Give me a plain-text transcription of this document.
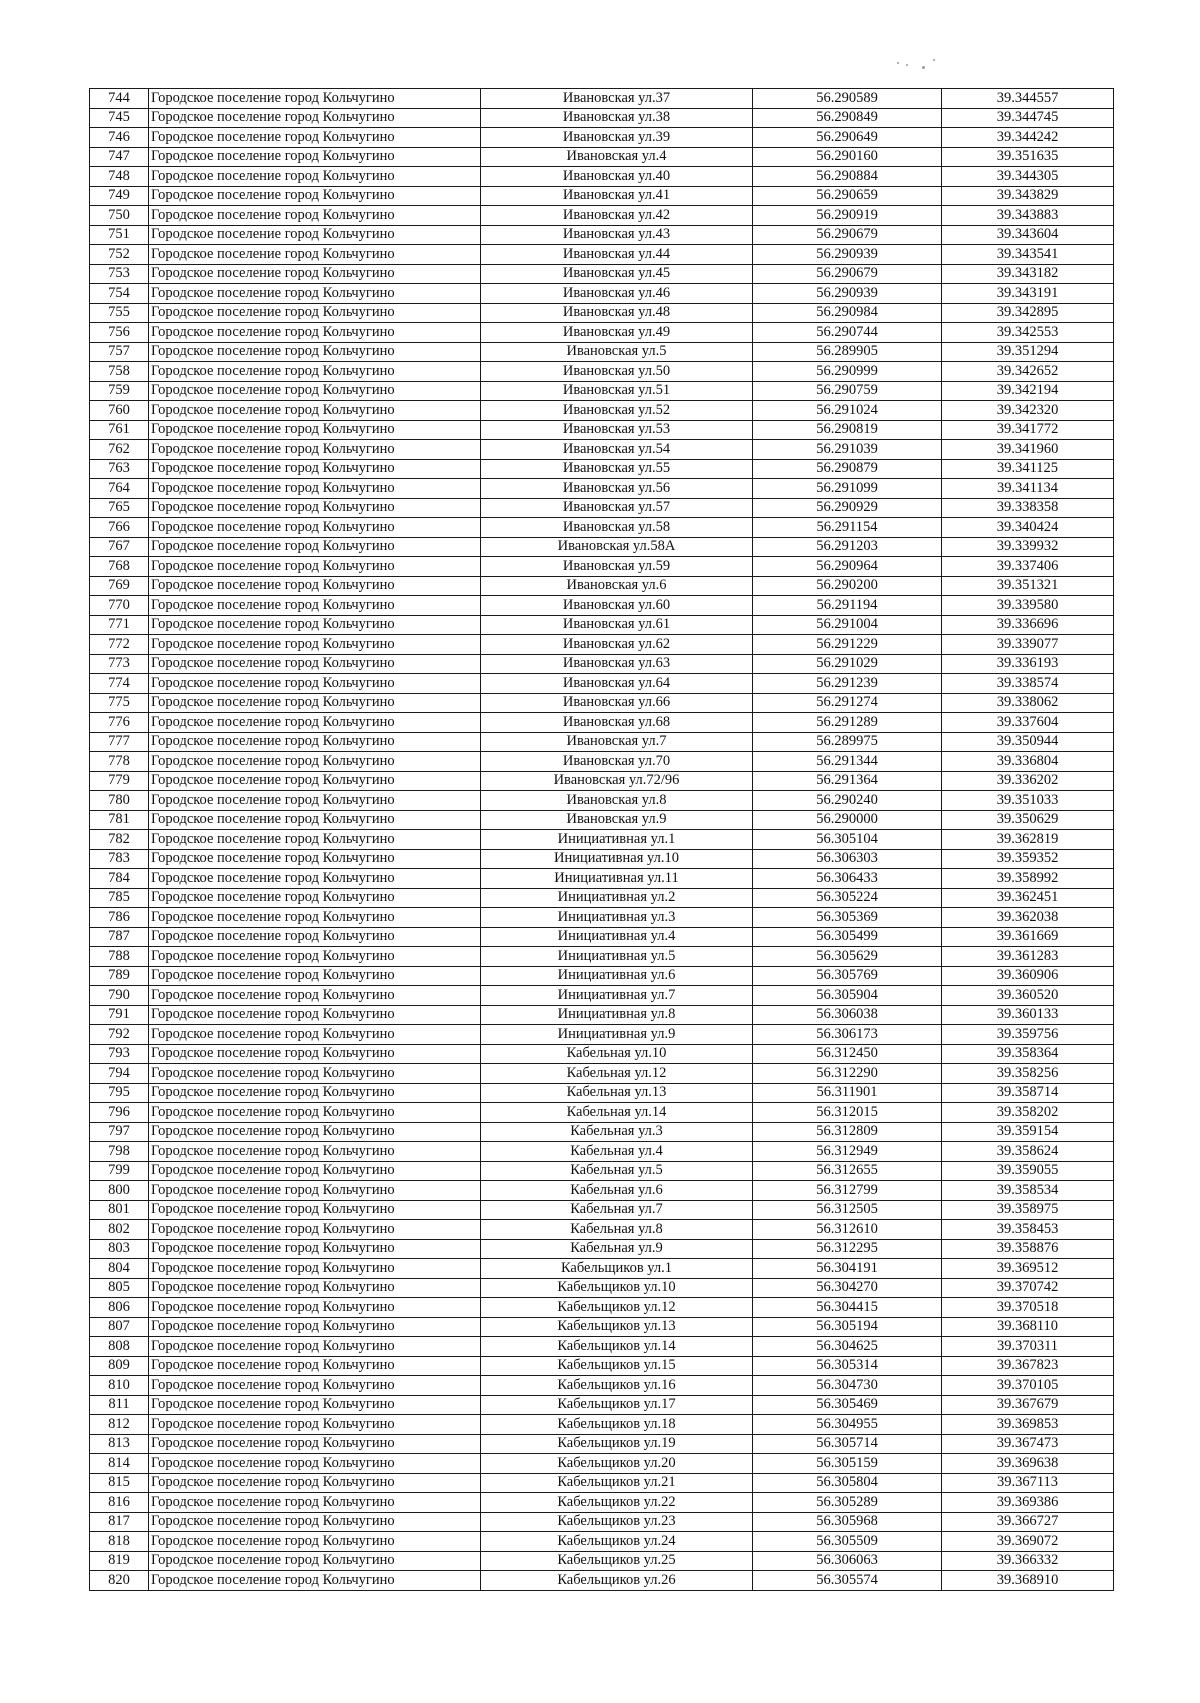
744	Городское поселение город Кольчугино	Ивановская ул.37	56.290589	39.344557
745	Городское поселение город Кольчугино	Ивановская ул.38	56.290849	39.344745
746	Городское поселение город Кольчугино	Ивановская ул.39	56.290649	39.344242
747	Городское поселение город Кольчугино	Ивановская ул.4	56.290160	39.351635
748	Городское поселение город Кольчугино	Ивановская ул.40	56.290884	39.344305
749	Городское поселение город Кольчугино	Ивановская ул.41	56.290659	39.343829
750	Городское поселение город Кольчугино	Ивановская ул.42	56.290919	39.343883
751	Городское поселение город Кольчугино	Ивановская ул.43	56.290679	39.343604
752	Городское поселение город Кольчугино	Ивановская ул.44	56.290939	39.343541
753	Городское поселение город Кольчугино	Ивановская ул.45	56.290679	39.343182
754	Городское поселение город Кольчугино	Ивановская ул.46	56.290939	39.343191
755	Городское поселение город Кольчугино	Ивановская ул.48	56.290984	39.342895
756	Городское поселение город Кольчугино	Ивановская ул.49	56.290744	39.342553
757	Городское поселение город Кольчугино	Ивановская ул.5	56.289905	39.351294
758	Городское поселение город Кольчугино	Ивановская ул.50	56.290999	39.342652
759	Городское поселение город Кольчугино	Ивановская ул.51	56.290759	39.342194
760	Городское поселение город Кольчугино	Ивановская ул.52	56.291024	39.342320
761	Городское поселение город Кольчугино	Ивановская ул.53	56.290819	39.341772
762	Городское поселение город Кольчугино	Ивановская ул.54	56.291039	39.341960
763	Городское поселение город Кольчугино	Ивановская ул.55	56.290879	39.341125
764	Городское поселение город Кольчугино	Ивановская ул.56	56.291099	39.341134
765	Городское поселение город Кольчугино	Ивановская ул.57	56.290929	39.338358
766	Городское поселение город Кольчугино	Ивановская ул.58	56.291154	39.340424
767	Городское поселение город Кольчугино	Ивановская ул.58А	56.291203	39.339932
768	Городское поселение город Кольчугино	Ивановская ул.59	56.290964	39.337406
769	Городское поселение город Кольчугино	Ивановская ул.6	56.290200	39.351321
770	Городское поселение город Кольчугино	Ивановская ул.60	56.291194	39.339580
771	Городское поселение город Кольчугино	Ивановская ул.61	56.291004	39.336696
772	Городское поселение город Кольчугино	Ивановская ул.62	56.291229	39.339077
773	Городское поселение город Кольчугино	Ивановская ул.63	56.291029	39.336193
774	Городское поселение город Кольчугино	Ивановская ул.64	56.291239	39.338574
775	Городское поселение город Кольчугино	Ивановская ул.66	56.291274	39.338062
776	Городское поселение город Кольчугино	Ивановская ул.68	56.291289	39.337604
777	Городское поселение город Кольчугино	Ивановская ул.7	56.289975	39.350944
778	Городское поселение город Кольчугино	Ивановская ул.70	56.291344	39.336804
779	Городское поселение город Кольчугино	Ивановская ул.72/96	56.291364	39.336202
780	Городское поселение город Кольчугино	Ивановская ул.8	56.290240	39.351033
781	Городское поселение город Кольчугино	Ивановская ул.9	56.290000	39.350629
782	Городское поселение город Кольчугино	Инициативная ул.1	56.305104	39.362819
783	Городское поселение город Кольчугино	Инициативная ул.10	56.306303	39.359352
784	Городское поселение город Кольчугино	Инициативная ул.11	56.306433	39.358992
785	Городское поселение город Кольчугино	Инициативная ул.2	56.305224	39.362451
786	Городское поселение город Кольчугино	Инициативная ул.3	56.305369	39.362038
787	Городское поселение город Кольчугино	Инициативная ул.4	56.305499	39.361669
788	Городское поселение город Кольчугино	Инициативная ул.5	56.305629	39.361283
789	Городское поселение город Кольчугино	Инициативная ул.6	56.305769	39.360906
790	Городское поселение город Кольчугино	Инициативная ул.7	56.305904	39.360520
791	Городское поселение город Кольчугино	Инициативная ул.8	56.306038	39.360133
792	Городское поселение город Кольчугино	Инициативная ул.9	56.306173	39.359756
793	Городское поселение город Кольчугино	Кабельная ул.10	56.312450	39.358364
794	Городское поселение город Кольчугино	Кабельная ул.12	56.312290	39.358256
795	Городское поселение город Кольчугино	Кабельная ул.13	56.311901	39.358714
796	Городское поселение город Кольчугино	Кабельная ул.14	56.312015	39.358202
797	Городское поселение город Кольчугино	Кабельная ул.3	56.312809	39.359154
798	Городское поселение город Кольчугино	Кабельная ул.4	56.312949	39.358624
799	Городское поселение город Кольчугино	Кабельная ул.5	56.312655	39.359055
800	Городское поселение город Кольчугино	Кабельная ул.6	56.312799	39.358534
801	Городское поселение город Кольчугино	Кабельная ул.7	56.312505	39.358975
802	Городское поселение город Кольчугино	Кабельная ул.8	56.312610	39.358453
803	Городское поселение город Кольчугино	Кабельная ул.9	56.312295	39.358876
804	Городское поселение город Кольчугино	Кабельщиков ул.1	56.304191	39.369512
805	Городское поселение город Кольчугино	Кабельщиков ул.10	56.304270	39.370742
806	Городское поселение город Кольчугино	Кабельщиков ул.12	56.304415	39.370518
807	Городское поселение город Кольчугино	Кабельщиков ул.13	56.305194	39.368110
808	Городское поселение город Кольчугино	Кабельщиков ул.14	56.304625	39.370311
809	Городское поселение город Кольчугино	Кабельщиков ул.15	56.305314	39.367823
810	Городское поселение город Кольчугино	Кабельщиков ул.16	56.304730	39.370105
811	Городское поселение город Кольчугино	Кабельщиков ул.17	56.305469	39.367679
812	Городское поселение город Кольчугино	Кабельщиков ул.18	56.304955	39.369853
813	Городское поселение город Кольчугино	Кабельщиков ул.19	56.305714	39.367473
814	Городское поселение город Кольчугино	Кабельщиков ул.20	56.305159	39.369638
815	Городское поселение город Кольчугино	Кабельщиков ул.21	56.305804	39.367113
816	Городское поселение город Кольчугино	Кабельщиков ул.22	56.305289	39.369386
817	Городское поселение город Кольчугино	Кабельщиков ул.23	56.305968	39.366727
818	Городское поселение город Кольчугино	Кабельщиков ул.24	56.305509	39.369072
819	Городское поселение город Кольчугино	Кабельщиков ул.25	56.306063	39.366332
820	Городское поселение город Кольчугино	Кабельщиков ул.26	56.305574	39.368910
